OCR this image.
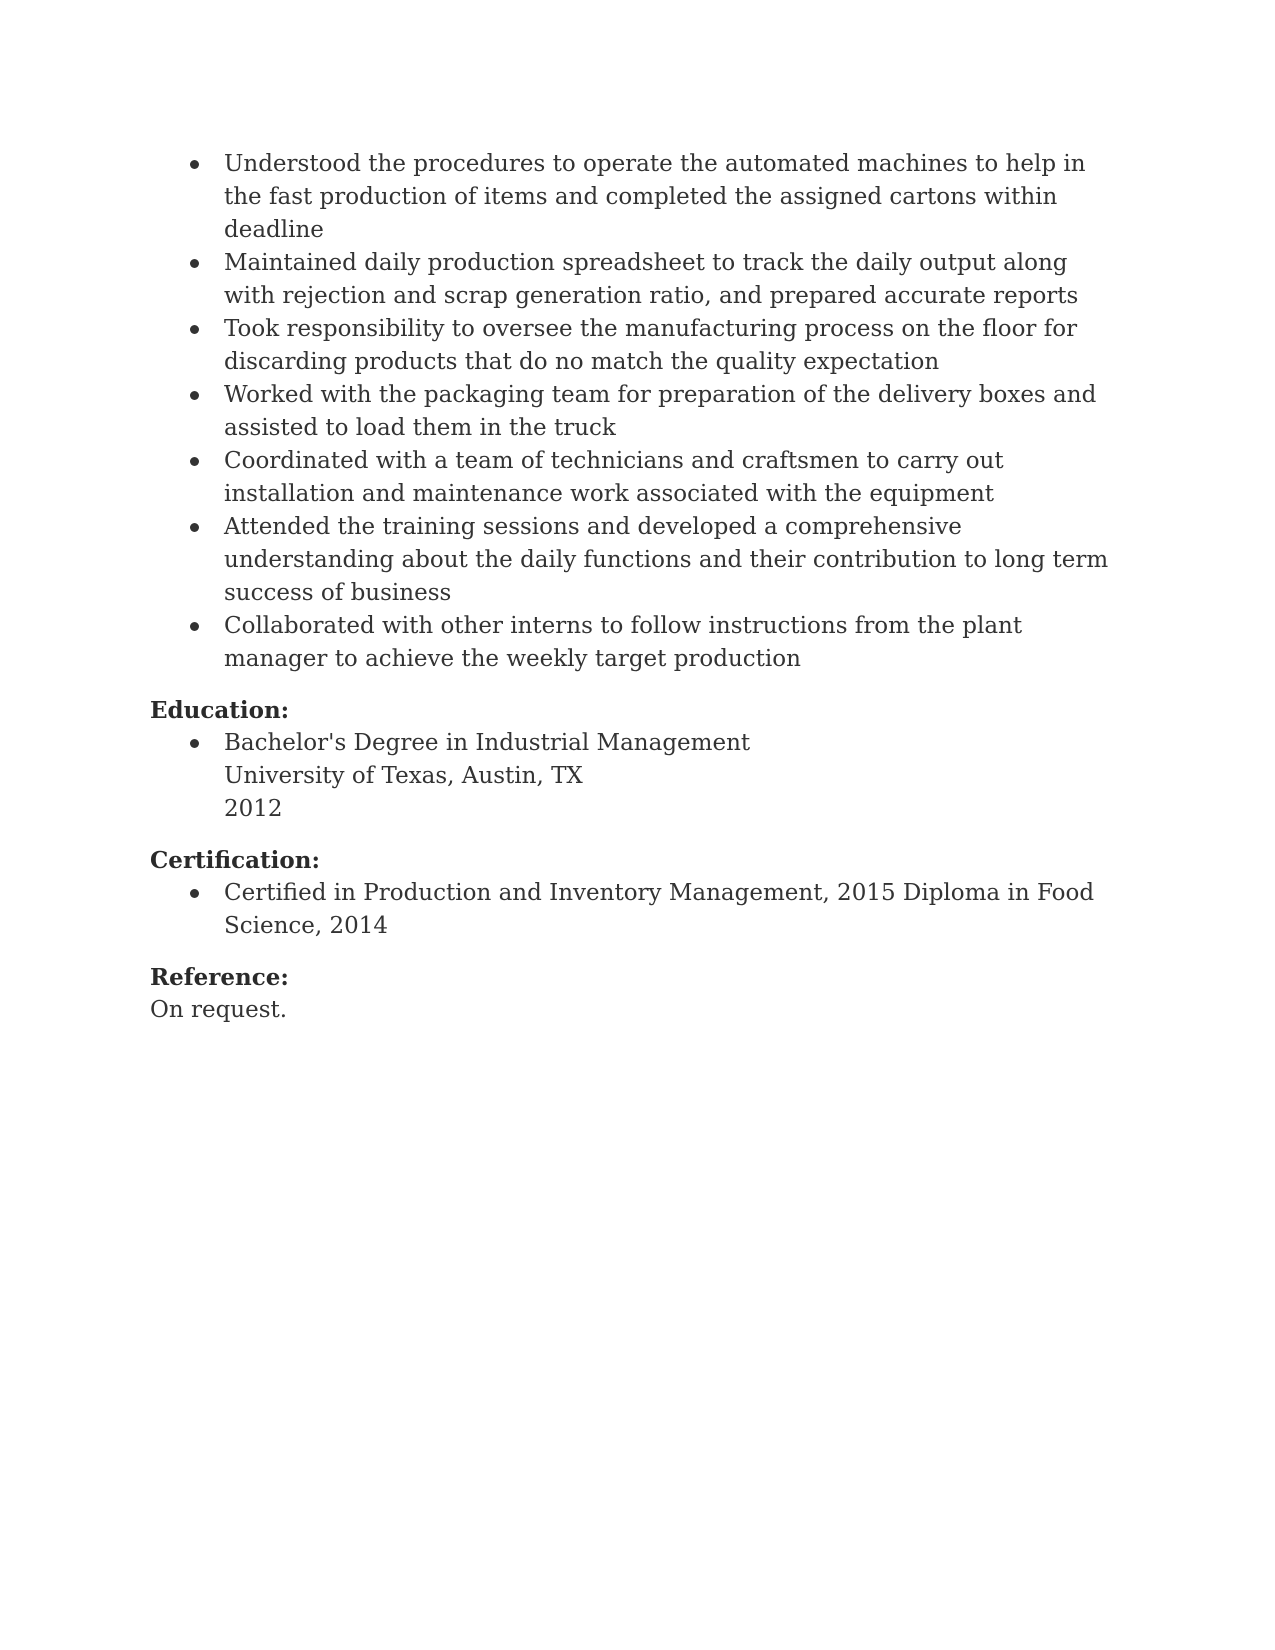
Understood the procedures to operate the automated machines to help in the fast production of items and completed the assigned cartons within deadline
Maintained daily production spreadsheet to track the daily output along with rejection and scrap generation ratio, and prepared accurate reports
Took responsibility to oversee the manufacturing process on the floor for discarding products that do no match the quality expectation
Worked with the packaging team for preparation of the delivery boxes and assisted to load them in the truck
Coordinated with a team of technicians and craftsmen to carry out installation and maintenance work associated with the equipment
Attended the training sessions and developed a comprehensive understanding about the daily functions and their contribution to long term success of business
Collaborated with other interns to follow instructions from the plant manager to achieve the weekly target production
Education:
Bachelor's Degree in Industrial Management
University of Texas, Austin, TX
2012
Certification:
Certified in Production and Inventory Management, 2015 Diploma in Food Science, 2014
Reference:

On request.
